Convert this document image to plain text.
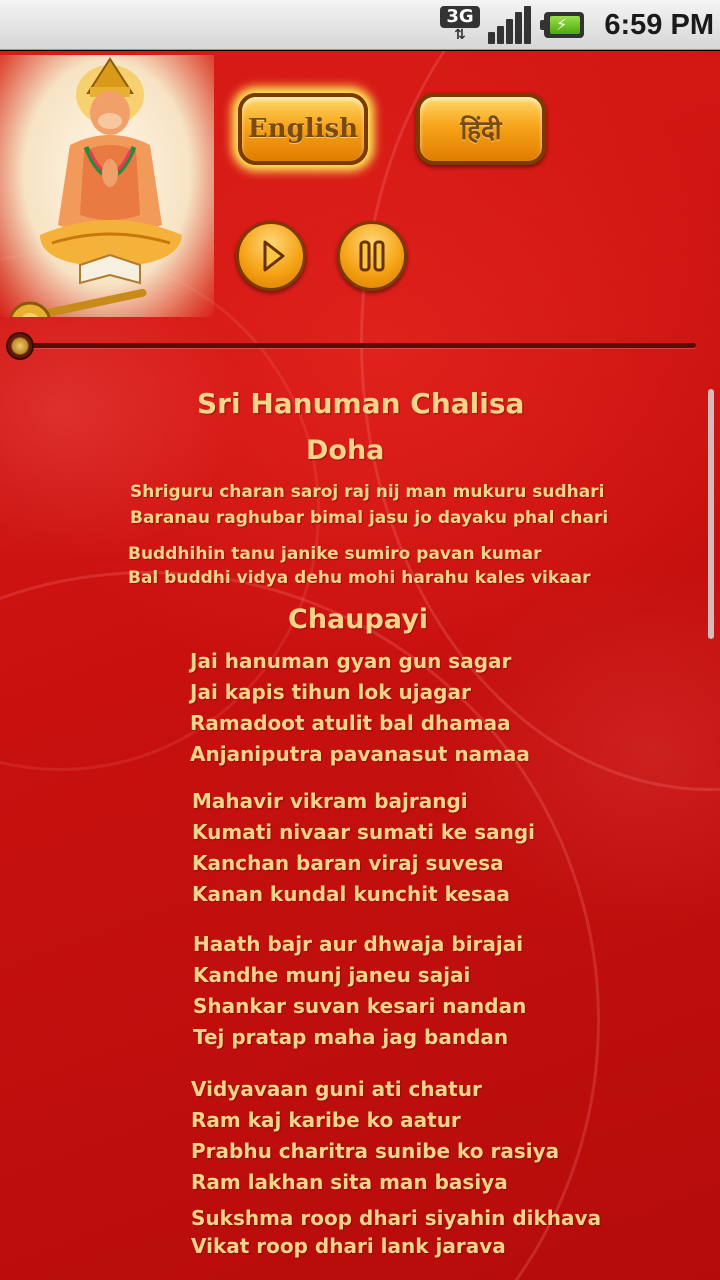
3G
⇅
⚡	6:59 PM
English	हिंदी
Sri Hanuman Chalisa
Doha
Shriguru charan saroj raj nij man mukuru sudhari
Baranau raghubar bimal jasu jo dayaku phal chari
Buddhihin tanu janike sumiro pavan kumar
Bal buddhi vidya dehu mohi harahu kales vikaar
Chaupayi
Jai hanuman gyan gun sagar
Jai kapis tihun lok ujagar
Ramadoot atulit bal dhamaa
Anjaniputra pavanasut namaa
Mahavir vikram bajrangi
Kumati nivaar sumati ke sangi
Kanchan baran viraj suvesa
Kanan kundal kunchit kesaa
Haath bajr aur dhwaja birajai
Kandhe munj janeu sajai
Shankar suvan kesari nandan
Tej pratap maha jag bandan
Vidyavaan guni ati chatur
Ram kaj karibe ko aatur
Prabhu charitra sunibe ko rasiya
Ram lakhan sita man basiya
Sukshma roop dhari siyahin dikhava
Vikat roop dhari lank jarava
